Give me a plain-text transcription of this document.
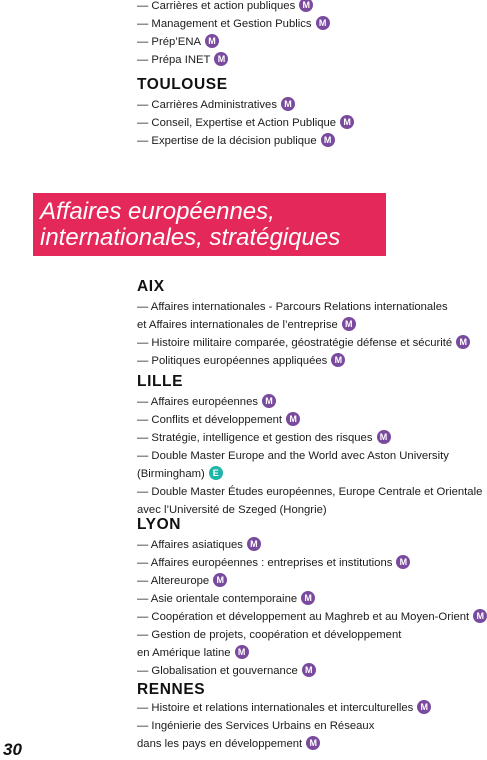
— Carrières et action publiques M
— Management et Gestion Publics M
— Prép’ENA M
— Prépa INET M
TOULOUSE
— Carrières Administratives M
— Conseil, Expertise et Action Publique M
— Expertise de la décision publique M

Affaires européennes,

internationales, stratégiques

AIX
— Affaires internationales - Parcours Relations internationales
et Affaires internationales de l’entreprise M
— Histoire militaire comparée, géostratégie défense et sécurité M
— Politiques européennes appliquées M
LILLE
— Affaires européennes M
— Conflits et développement M
— Stratégie, intelligence et gestion des risques M
— Double Master Europe and the World avec Aston University
(Birmingham) E
— Double Master Études européennes, Europe Centrale et Orientale
avec l’Université de Szeged (Hongrie)
LYON
— Affaires asiatiques M
— Affaires européennes : entreprises et institutions M
— Altereurope M
— Asie orientale contemporaine M
— Coopération et développement au Maghreb et au Moyen-Orient M
— Gestion de projets, coopération et développement
en Amérique latine M
— Globalisation et gouvernance M
RENNES
— Histoire et relations internationales et interculturelles M
— Ingénierie des Services Urbains en Réseaux
dans les pays en développement M
30
